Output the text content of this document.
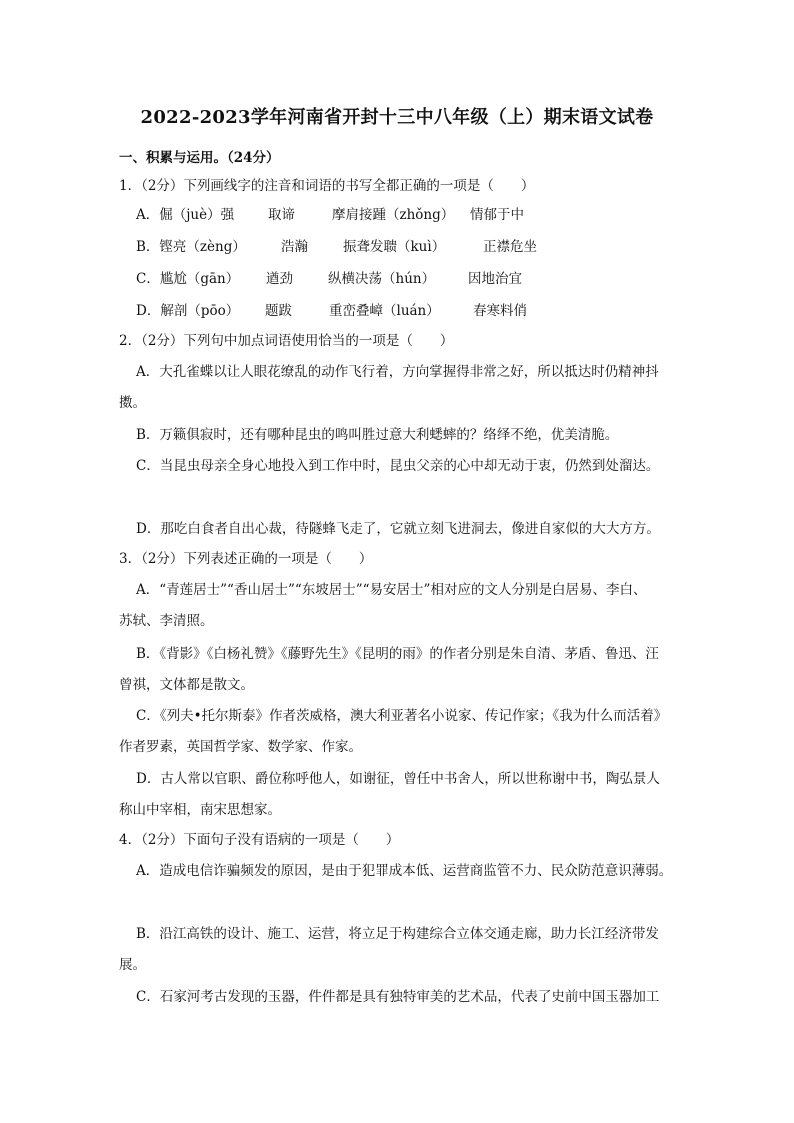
2022-2023学年河南省开封十三中八年级（上）期末语文试卷
一、积累与运用。（24分）
1．（2分）下列画线字的注音和词语的书写全都正确的一项是（　　）
A．倔（juè）强	取谛	摩肩接踵（zhǒng） 情郁于中
B．铿亮（zèng）	浩瀚	振聋发聩（kuì）	正襟危坐
C．尴尬（gān） 遒劲	纵横决荡（hún） 因地治宜
D．解剖（pōo） 题跋	重峦叠嶂（luán） 春寒料俏
2．（2分）下列句中加点词语使用恰当的一项是（　　）
A．大孔雀蝶以让人眼花缭乱的动作飞行着，方向掌握得非常之好，所以抵达时仍精神抖
擞。
B．万籁俱寂时，还有哪种昆虫的鸣叫胜过意大利蟋蟀的？络绎不绝，优美清脆。
C．当昆虫母亲全身心地投入到工作中时，昆虫父亲的心中却无动于衷，仍然到处溜达。
D．那吃白食者自出心裁，待隧蜂飞走了，它就立刻飞进洞去，像进自家似的大大方方。
3．（2分）下列表述正确的一项是（　　）
A．“青莲居士”“香山居士”“东坡居士”“易安居士”相对应的文人分别是白居易、李白、
苏轼、李清照。
B．《背影》《白杨礼赞》《藤野先生》《昆明的雨》的作者分别是朱自清、茅盾、鲁迅、汪
曾祺，文体都是散文。
C．《列夫•托尔斯泰》作者茨威格，澳大利亚著名小说家、传记作家；《我为什么而活着》
作者罗素，英国哲学家、数学家、作家。
D．古人常以官职、爵位称呼他人，如谢征，曾任中书舍人，所以世称谢中书，陶弘景人
称山中宰相，南宋思想家。
4．（2分）下面句子没有语病的一项是（　　）
A．造成电信诈骗频发的原因，是由于犯罪成本低、运营商监管不力、民众防范意识薄弱。
B．沿江高铁的设计、施工、运营，将立足于构建综合立体交通走廊，助力长江经济带发
展。
C．石家河考古发现的玉器，件件都是具有独特审美的艺术品，代表了史前中国玉器加工
